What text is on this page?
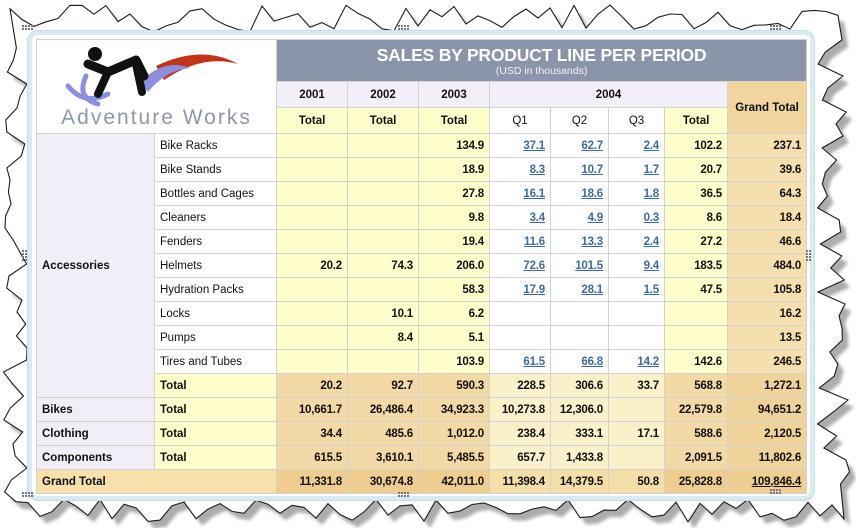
Adventure Works		SALES BY PRODUCT LINE PER PERIOD
(USD in thousands)							

		2001	2002	2003	2004				Grand Total
		Total	Total	Total	Q1	Q2	Q3	Total	
Accessories	Bike Racks			134.9	37.1	62.7	2.4	102.2	237.1
	Bike Stands			18.9	8.3	10.7	1.7	20.7	39.6
	Bottles and Cages			27.8	16.1	18.6	1.8	36.5	64.3
	Cleaners			9.8	3.4	4.9	0.3	8.6	18.4
	Fenders			19.4	11.6	13.3	2.4	27.2	46.6
	Helmets	20.2	74.3	206.0	72.6	101.5	9.4	183.5	484.0
	Hydration Packs			58.3	17.9	28.1	1.5	47.5	105.8
	Locks		10.1	6.2					16.2
	Pumps		8.4	5.1					13.5
	Tires and Tubes			103.9	61.5	66.8	14.2	142.6	246.5
	Total	20.2	92.7	590.3	228.5	306.6	33.7	568.8	1,272.1
Bikes	Total	10,661.7	26,486.4	34,923.3	10,273.8	12,306.0		22,579.8	94,651.2
Clothing	Total	34.4	485.6	1,012.0	238.4	333.1	17.1	588.6	2,120.5
Components	Total	615.5	3,610.1	5,485.5	657.7	1,433.8		2,091.5	11,802.6
Grand Total		11,331.8	30,674.8	42,011.0	11,398.4	14,379.5	50.8	25,828.8	109,846.4
